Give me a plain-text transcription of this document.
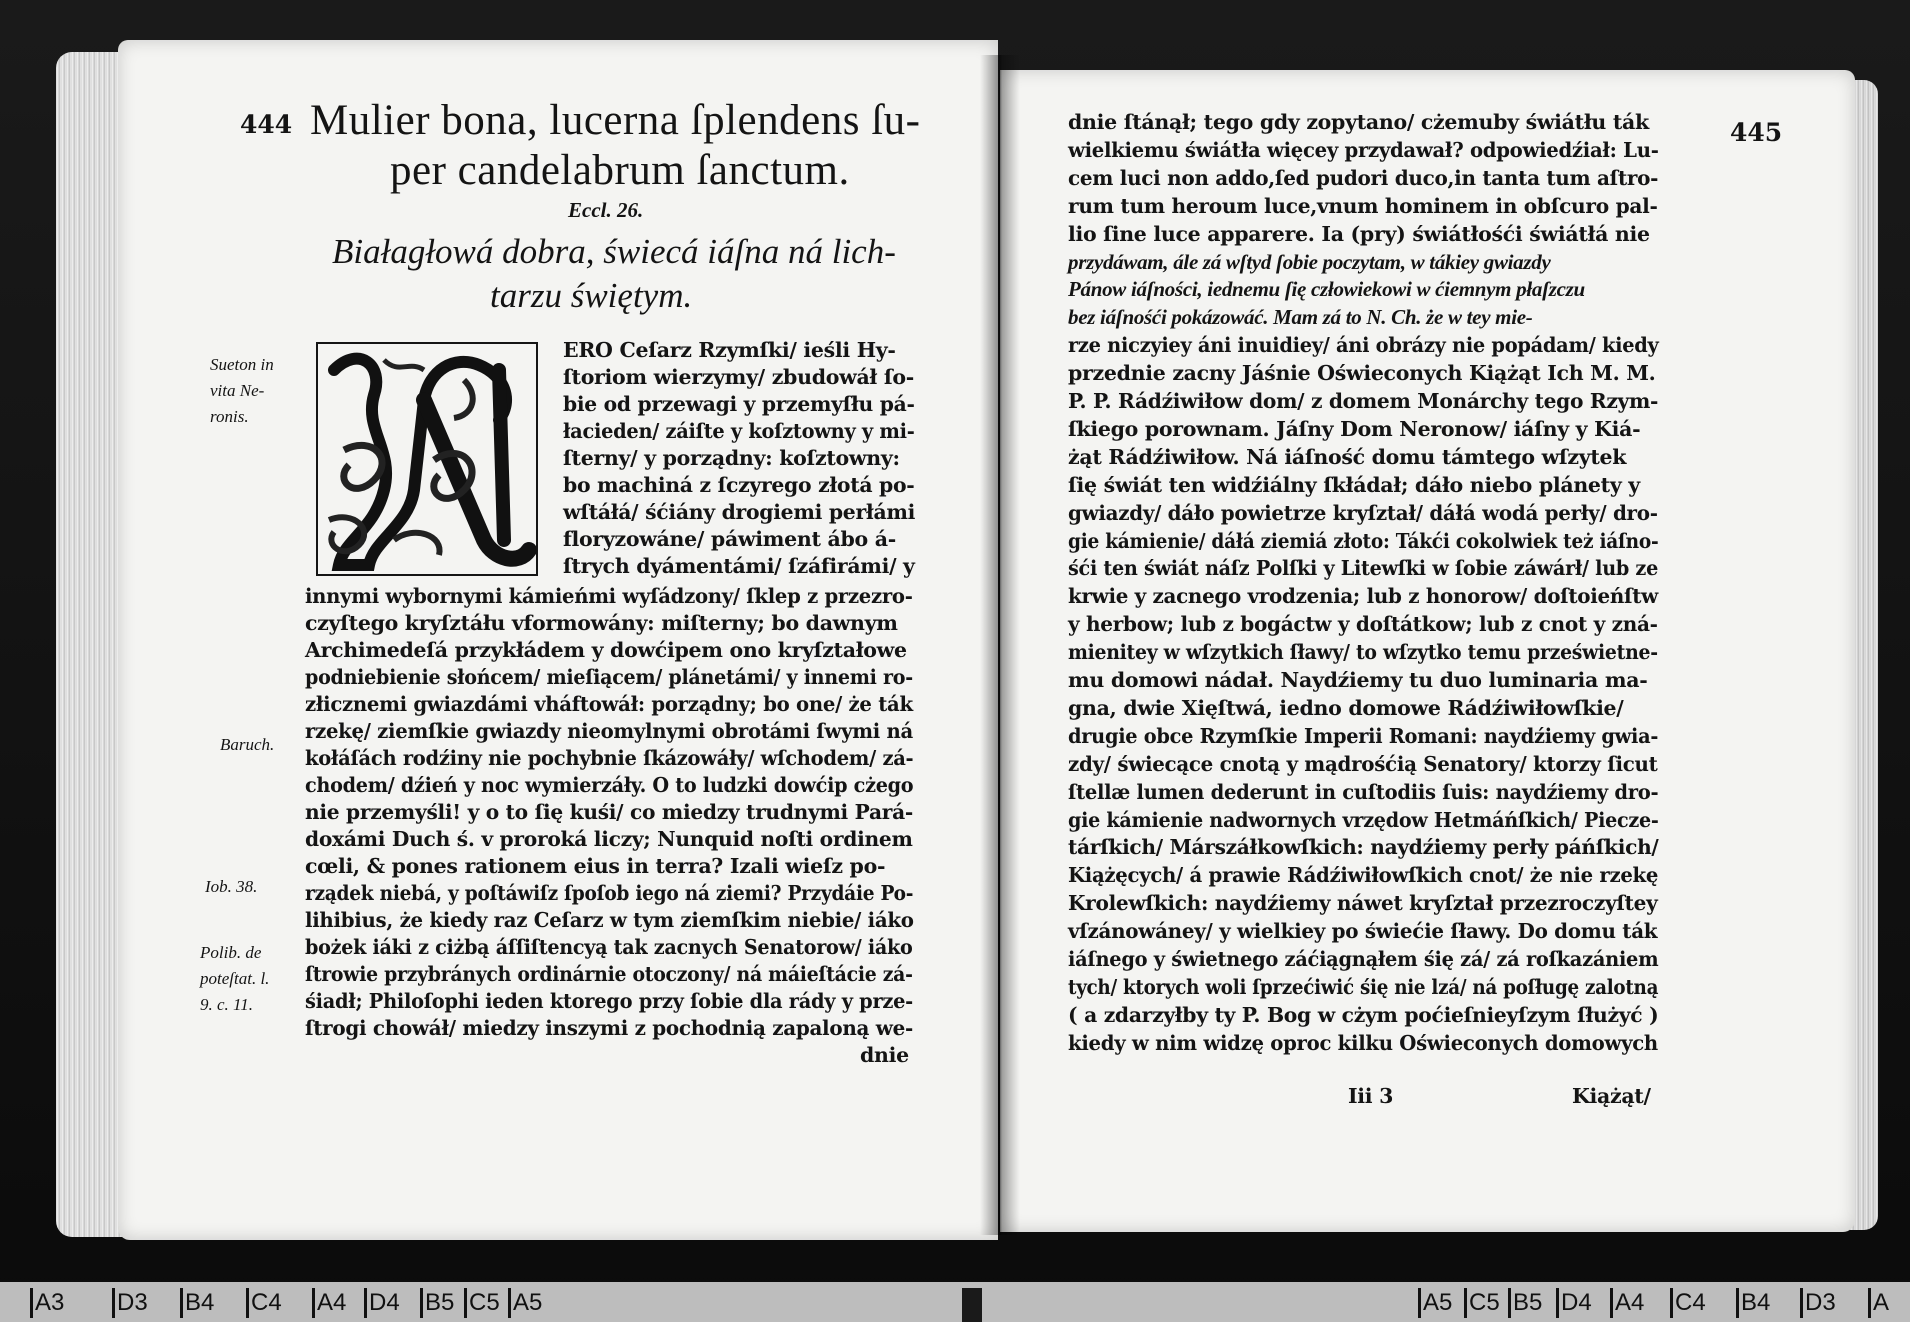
444 Mulier bona, lucerna ſplendens ſu-
per candelabrum ſanctum.
Eccl. 26.
Białagłowá dobra, świecá iáſna ná lich-
tarzu świętym.
ERO Ceſarz Rzymſki/ ieśli Hy-
ſtoriom wierzymy/ zbudowáł ſo-
bie od przewagi y przemyſłu pá-
łacieden/ záiſte y koſztowny y mi-
ſterny/ y porządny: koſztowny:
bo machiná z ſczyrego złotá po-
wſtáłá/ śćiány drogiemi perłámi
floryzowáne/ páwiment ábo á-
ſtrych dyámentámi/ ſzáfirámi/ y
innymi wybornymi kámieńmi wyſádzony/ ſklep z przezro-
czyſtego kryſztáłu vformowány: miſterny; bo dawnym
Archimedeſá przykłádem y dowćipem ono kryſztałowe
podniebienie słońcem/ mieſiącem/ plánetámi/ y innemi ro-
złicznemi gwiazdámi vháftowáł: porządny; bo one/ że ták
rzekę/ ziemſkie gwiazdy nieomylnymi obrotámi ſwymi ná
kołáſách rodźiny nie pochybnie ſkázowáły/ wſchodem/ zá-
chodem/ dźień y noc wymierzáły. O to ludzki dowćip cżego
nie przemyśli! y o to ſię kuśi/ co miedzy trudnymi Pará-
doxámi Duch ś. v proroká liczy; Nunquid noſti ordinem
cœli, & pones rationem eius in terra? Izali wieſz po-
rządek niebá, y poſtáwiſz ſpoſob iego ná ziemi? Przydáie Po-
lihibius, że kiedy raz Ceſarz w tym ziemſkim niebie/ iáko
bożek iáki z ciżbą áſſiſtencyą tak zacnych Senatorow/ iáko
ſtrowie przybránych ordinárnie otoczony/ ná máieſtácie zá-
śiadł; Philoſophi ieden ktorego przy ſobie dla rády y prze-
ſtrogi chowáł/ miedzy inszymi z pochodnią zapaloną we-
dnie
Sueton in vita Ne-ronis.
Baruch.
Iob. 38.
Polib. de poteſtat. l. 9. c. 11.
445
dnie ſtánął; tego gdy zopytano/ cżemuby świátłu ták
wielkiemu świátła więcey przydawał? odpowiedźiał: Lu-
cem luci non addo,ſed pudori duco,in tanta tum aſtro-
rum tum heroum luce,vnum hominem in obſcuro pal-
lio ſine luce apparere. Ia (pry) świátłośći świátłá nie
przydáwam, ále zá wſtyd ſobie poczytam, w tákiey gwiazdy
Pánow iáſności, iednemu ſię człowiekowi w ćiemnym płaſzczu
bez iáſnośći pokázowáć. Mam zá to N. Ch. że w tey mie-
rze niczyiey áni inuidiey/ áni obrázy nie popádam/ kiedy
przednie zacny Jáśnie Oświeconych Kiążąt Ich M. M.
P. P. Rádźiwiłow dom/ z domem Monárchy tego Rzym-
ſkiego porownam. Jáſny Dom Neronow/ iáſny y Kiá-
żąt Rádźiwiłow. Ná iáſność domu támtego wſzytek
ſię świát ten widźiálny ſkłádał; dáło niebo plánety y
gwiazdy/ dáło powietrze kryſztał/ dáłá wodá perły/ dro-
gie kámienie/ dáłá ziemiá złoto: Tákći cokolwiek też iáſno-
śći ten świát náſz Polſki y Litewſki w ſobie záwárł/ lub ze
krwie y zacnego vrodzenia; lub z honorow/ doſtoieńſtw
y herbow; lub z bogáctw y doſtátkow; lub z cnot y zná-
mienitey w wſzytkich ſławy/ to wſzytko temu prześwietne-
mu domowi nádał. Naydźiemy tu duo luminaria ma-
gna, dwie Xięſtwá, iedno domowe Rádźiwiłowſkie/
drugie obce Rzymſkie Imperii Romani: naydźiemy gwia-
zdy/ świecące cnotą y mądrośćią Senatory/ ktorzy ſicut
ſtellæ lumen dederunt in cuſtodiis ſuis: naydźiemy dro-
gie kámienie nadwornych vrzędow Hetmáńſkich/ Piecze-
tárſkich/ Márszáłkowſkich: naydźiemy perły páńſkich/
Kiążęcych/ á prawie Rádźiwiłowſkich cnot/ że nie rzekę
Krolewſkich: naydźiemy náwet kryſztał przezroczyſtey
vſzánowáney/ y wielkiey po świećie ſławy. Do domu ták
iáſnego y świetnego záćiągnąłem śię zá/ zá roſkazániem
tych/ ktorych woli ſprzećiwić śię nie lzá/ ná poſługę zalotną
( a zdarzyłby ty P. Bog w cżym poćieſnieyſzym ſłużyć )
kiedy w nim widzę oproc kilku Oświeconych domowych
Iii 3	Kiążąt/
A3 D3 B4 C4 A4 D4 B5 C5 A5	A5 C5 B5 D4 A4 C4 B4 D3 A
